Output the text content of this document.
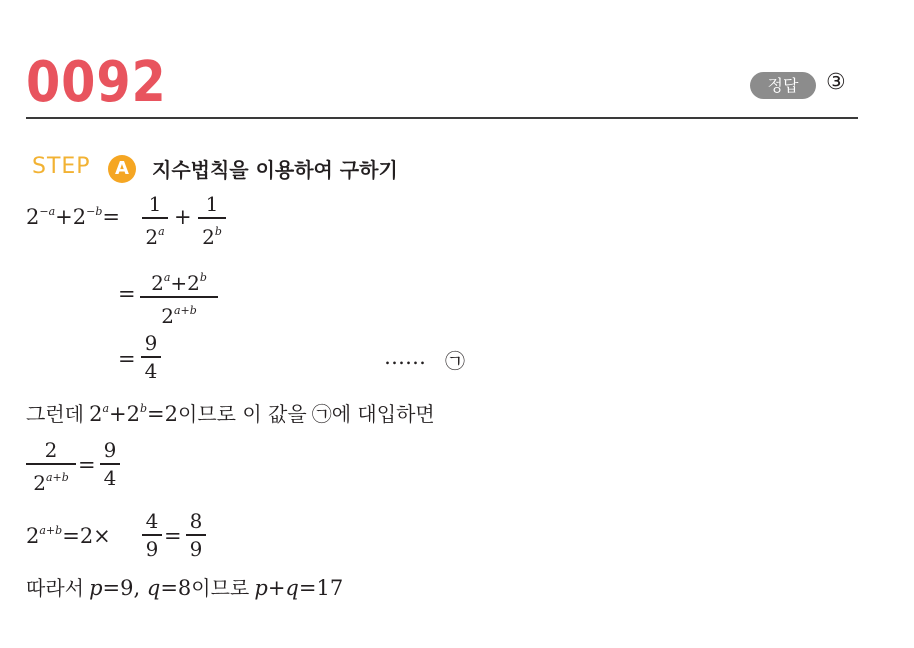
0092	정답	③
STEP	A	지수법칙을 이용하여 구하기
$2^{-a}+2^{-b}=$
1
$2^a$
+
1
$2^b$
= $2^a+2^b$
$2^{a+b}$
=
9
4
…… ㉠
그런데 $2^a+2^b=2$이므로 이 값을 ㉠에 대입하면
2
$2^{a+b}$ =
9
4
$2^{a+b}=2\times$
4
9
=
8
9
따라서 p=9, q=8이므로 p+q=17
